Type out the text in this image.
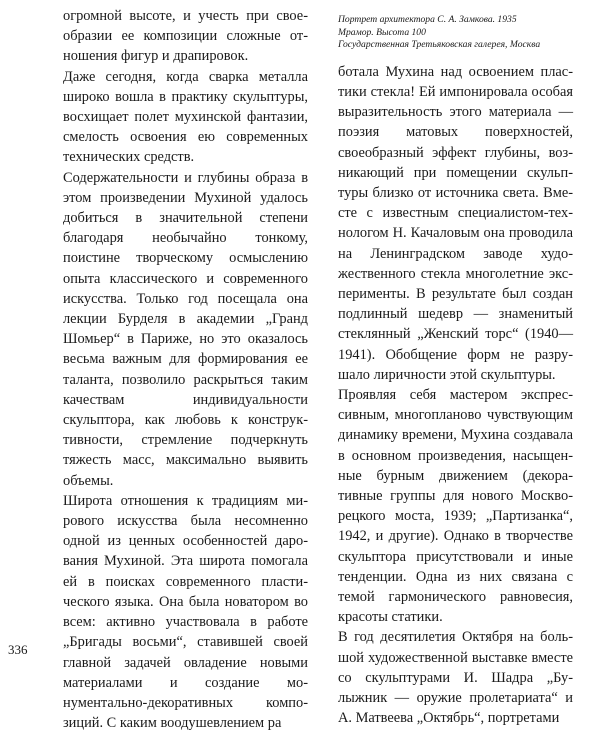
огромной высоте, и учесть при своеобразии ее композиции сложные отношения фигур и драпировок.

Даже сегодня, когда сварка металла широко вошла в практику скульптуры, восхищает полет мухинской фантазии, смелость освоения ею современных технических средств.

Содержательности и глубины образа в этом произведении Мухиной удалось добиться в значительной степени благодаря необычайно тонкому, поистине творческому осмыслению опыта классического и современного искусства. Только год посещала она лекции Бурделя в академии „Гранд Шомьер“ в Париже, но это оказалось весьма важным для формирования ее таланта, позволило раскрыться таким качествам индивидуальности скульптора, как любовь к конструктивности, стремление подчеркнуть тяжесть масс, максимально выявить объемы.

Широта отношения к традициям мирового искусства была несомненно одной из ценных особенностей дарования Мухиной. Эта широта помогала ей в поисках современного пластического языка. Она была новатором во всем: активно участвовала в работе „Бригады восьми“, ставившей своей главной задачей овладение новыми материалами и создание монументально-декоративных композиций. С каким воодушевлением ра

Портрет архитектора С. А. Замкова. 1935
Мрамор. Высота 100
Государственная Третьяковская галерея, Москва

ботала Мухина над освоением пластики стекла! Ей импонировала особая выразительность этого материала — поэзия матовых поверхностей, своеобразный эффект глубины, возникающий при помещении скульптуры близко от источника света. Вместе с известным специалистом-технологом Н. Качаловым она проводила на Ленинградском заводе художественного стекла многолетние эксперименты. В результате был создан подлинный шедевр — знаменитый стеклянный „Женский торс“ (1940— 1941). Обобщение форм не разрушало лиричности этой скульптуры.

Проявляя себя мастером экспрессивным, многопланово чувствующим динамику времени, Мухина создавала в основном произведения, насыщенные бурным движением (декоративные группы для нового Москворецкого моста, 1939; „Партизанка“, 1942, и другие). Однако в творчестве скульптора присутствовали и иные тенденции. Одна из них связана с темой гармонического равновесия, красоты статики.

В год десятилетия Октября на большой художественной выставке вместе со скульптурами И. Шадра „Булыжник — оружие пролетариата“ и А. Матвеева „Октябрь“, портретами

336
